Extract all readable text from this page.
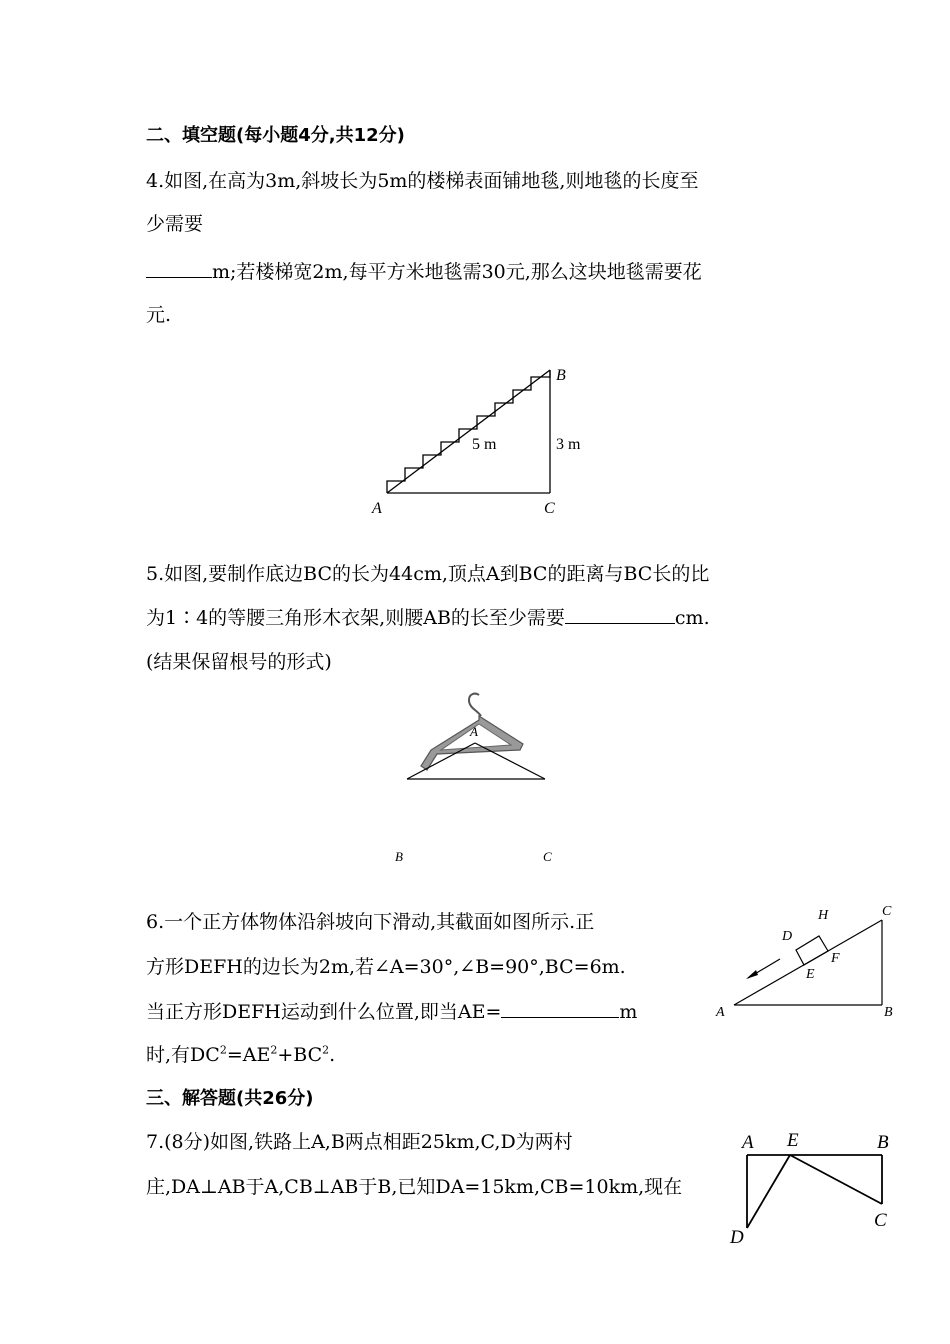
二、填空题(每小题4分,共12分)
4.如图,在高为3m,斜坡长为5m的楼梯表面铺地毯,则地毯的长度至
少需要
m;若楼梯宽2m,每平方米地毯需30元,那么这块地毯需要花
元.
A	C
B
5 m	3 m
5.如图,要制作底边BC的长为44cm,顶点A到BC的距离与BC长的比
为1∶4的等腰三角形木衣架,则腰AB的长至少需要	cm.
(结果保留根号的形式)
A
B	C
6.一个正方体物体沿斜坡向下滑动,其截面如图所示.正
方形DEFH的边长为2m,若∠A=30°,∠B=90°,BC=6m.
当正方形DEFH运动到什么位置,即当AE=	m
时,有$DC^2=AE^2+BC^2$.
A	B
C
D
H
E
F
三、解答题(共26分)
7.(8分)如图,铁路上A,B两点相距25km,C,D为两村
庄,DA⊥AB于A,CB⊥AB于B,已知DA=15km,CB=10km,现在
A E	B
C
D
